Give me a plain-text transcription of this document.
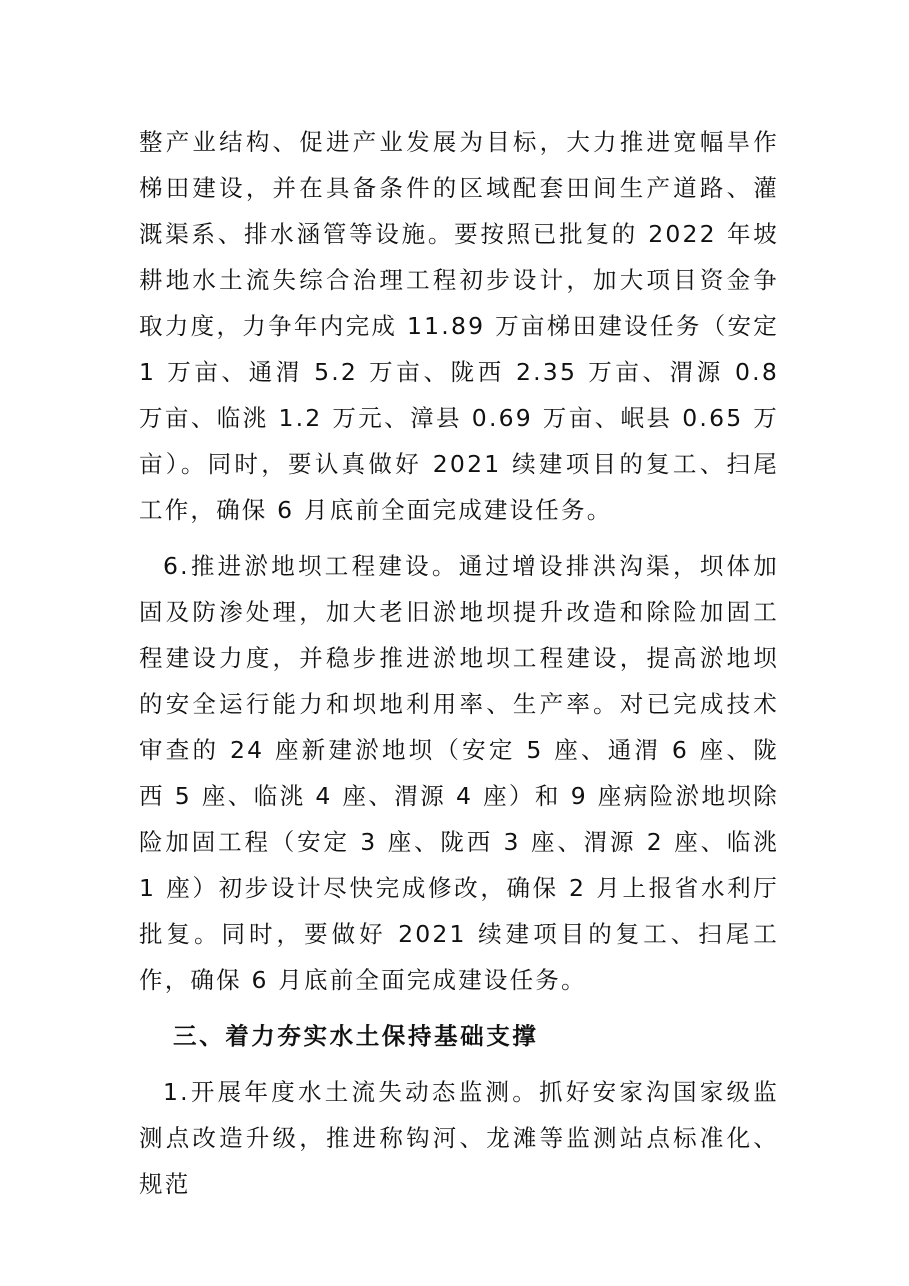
整产业结构、促进产业发展为目标，大力推进宽幅旱作梯田建设，并在具备条件的区域配套田间生产道路、灌溉渠系、排水涵管等设施。要按照已批复的 2022 年坡耕地水土流失综合治理工程初步设计，加大项目资金争取力度，力争年内完成 11.89 万亩梯田建设任务（安定 1 万亩、通渭 5.2 万亩、陇西 2.35 万亩、渭源 0.8 万亩、临洮 1.2 万元、漳县 0.69 万亩、岷县 0.65 万亩）。同时，要认真做好 2021 续建项目的复工、扫尾工作，确保 6 月底前全面完成建设任务。

6.推进淤地坝工程建设。通过增设排洪沟渠，坝体加固及防渗处理，加大老旧淤地坝提升改造和除险加固工程建设力度，并稳步推进淤地坝工程建设，提高淤地坝的安全运行能力和坝地利用率、生产率。对已完成技术审查的 24 座新建淤地坝（安定 5 座、通渭 6 座、陇西 5 座、临洮 4 座、渭源 4 座）和 9 座病险淤地坝除险加固工程（安定 3 座、陇西 3 座、渭源 2 座、临洮 1 座）初步设计尽快完成修改，确保 2 月上报省水利厅批复。同时，要做好 2021 续建项目的复工、扫尾工作，确保 6 月底前全面完成建设任务。

三、着力夯实水土保持基础支撑

1.开展年度水土流失动态监测。抓好安家沟国家级监测点改造升级，推进称钩河、龙滩等监测站点标准化、规范
